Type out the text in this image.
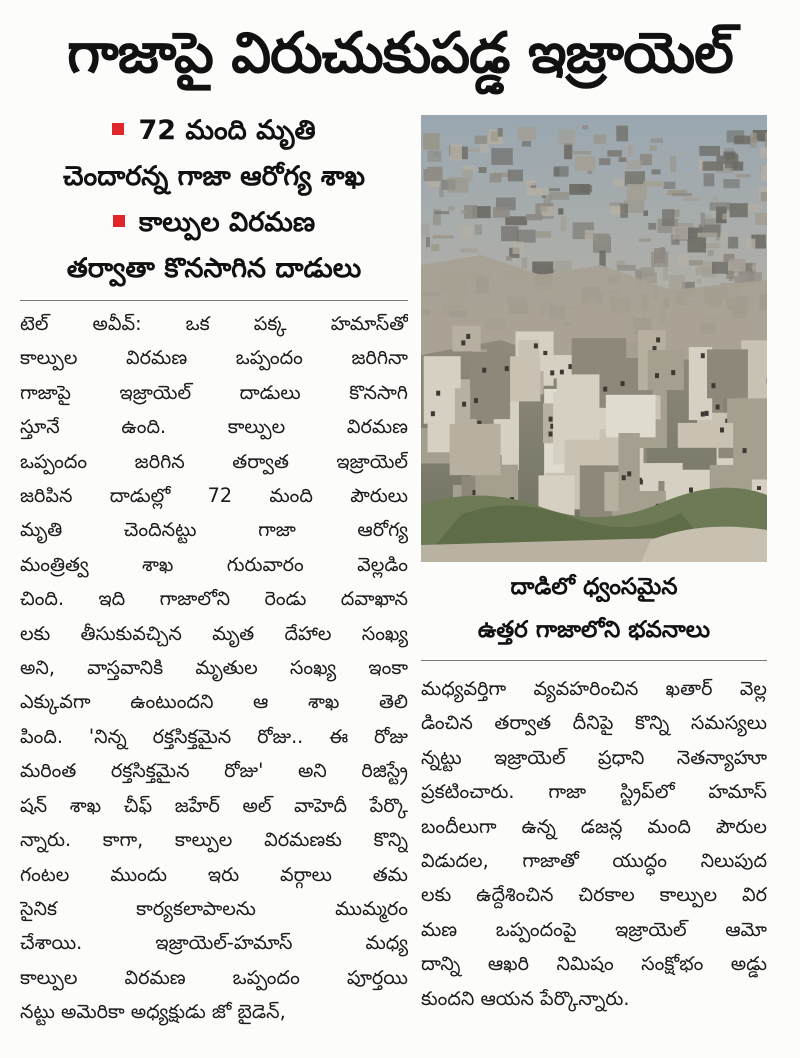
గాజాపై విరుచుకుపడ్డ ఇజ్రాయెల్
72 మంది మృతి
చెందారన్న గాజా ఆరోగ్య శాఖ
కాల్పుల విరమణ
తర్వాతా కొనసాగిన దాడులు
టెల్ అవీవ్: ఒక పక్క హమాస్‌తో
కాల్పుల విరమణ ఒప్పందం జరిగినా
గాజాపై ఇజ్రాయెల్ దాడులు కొనసాగి
స్తూనే ఉంది. కాల్పుల విరమణ
ఒప్పందం జరిగిన తర్వాత ఇజ్రాయెల్
జరిపిన దాడుల్లో 72 మంది పౌరులు
మృతి చెందినట్టు గాజా ఆరోగ్య
మంత్రిత్వ శాఖ గురువారం వెల్లడిం
చింది. ఇది గాజాలోని రెండు దవాఖాన
లకు తీసుకువచ్చిన మృత దేహాల సంఖ్య
అని, వాస్తవానికి మృతుల సంఖ్య ఇంకా
ఎక్కువగా ఉంటుందని ఆ శాఖ తెలి
పింది. 'నిన్న రక్తసిక్తమైన రోజు.. ఈ రోజు
మరింత రక్తసిక్తమైన రోజు' అని రిజిస్ట్రే
షన్ శాఖ చీఫ్ జహేర్ అల్ వాహెదీ పేర్కొ
న్నారు. కాగా, కాల్పుల విరమణకు కొన్ని
గంటల ముందు ఇరు వర్గాలు తమ
సైనిక కార్యకలాపాలను ముమ్మరం
చేశాయి. ఇజ్రాయెల్-హమాస్ మధ్య
కాల్పుల విరమణ ఒప్పందం పూర్తయి
నట్టు అమెరికా అధ్యక్షుడు జో బైడెన్,
దాడిలో ధ్వంసమైన
ఉత్తర గాజాలోని భవనాలు
మధ్యవర్తిగా వ్యవహరించిన ఖతార్ వెల్ల
డించిన తర్వాత దీనిపై కొన్ని సమస్యలు
న్నట్టు ఇజ్రాయెల్ ప్రధాని నెతన్యాహూ
ప్రకటించారు. గాజా స్ట్రిప్‌లో హమాస్
బందీలుగా ఉన్న డజన్ల మంది పౌరుల
విడుదల, గాజాతో యుద్ధం నిలుపుద
లకు ఉద్దేశించిన చిరకాల కాల్పుల విర
మణ ఒప్పందంపై ఇజ్రాయెల్ ఆమో
దాన్ని ఆఖరి నిమిషం సంక్షోభం అడ్డు
కుందని ఆయన పేర్కొన్నారు.
